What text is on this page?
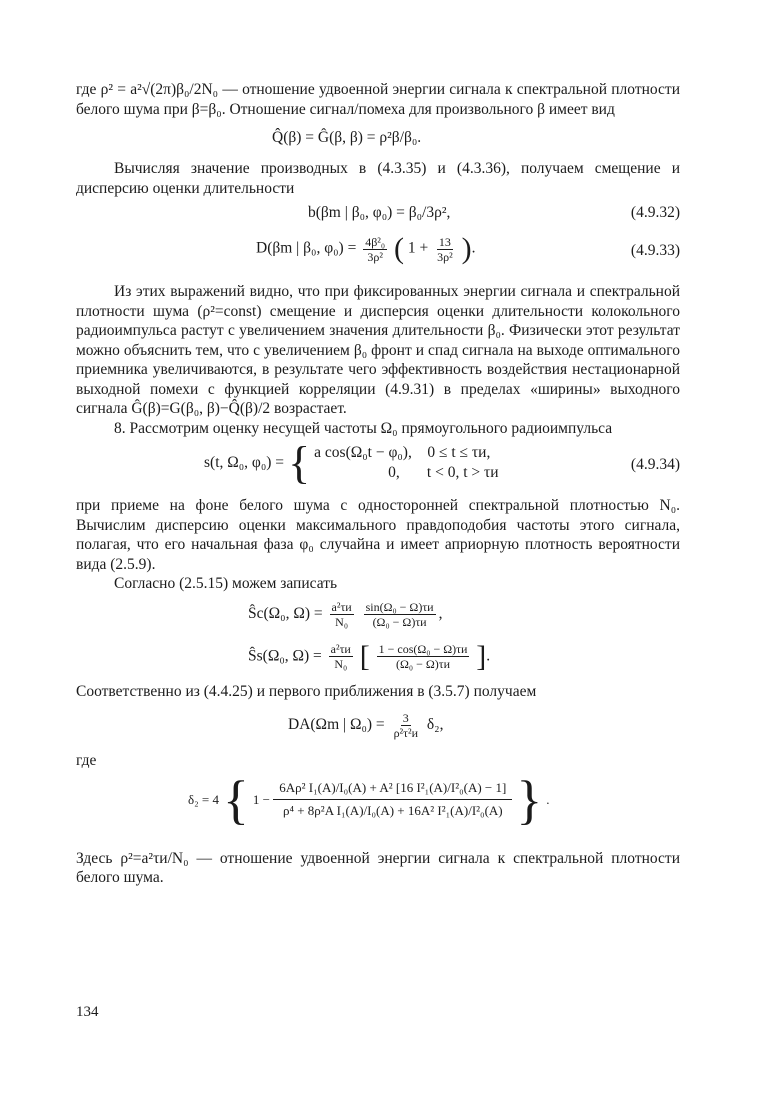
где ρ² = a²√(2π)β₀/2N₀ — отношение удвоенной энергии сигнала к спектральной плотности белого шума при β=β₀. Отношение сигнал/помеха для произвольного β имеет вид

Q̂(β) = Ĝ(β, β) = ρ²β/β₀.

Вычисляя значение производных в (4.3.35) и (4.3.36), получаем смещение и дисперсию оценки длительности

b(βm | β₀, φ₀) = β₀/3ρ²,	(4.9.32)
D(βm | β₀, $\varphi_0) = \frac{\text{4β²₀}}{\text{3ρ²}}$ ( $1 + \frac{13}{\text{3ρ²}}$ ).	(4.9.33)

Из этих выражений видно, что при фиксированных энергии сигнала и спектральной плотности шума (ρ²=const) смещение и дисперсия оценки длительности колокольного радиоимпульса растут с увеличением значения длительности β₀. Физически этот результат можно объяснить тем, что с увеличением β₀ фронт и спад сигнала на выходе оптимального приемника увеличиваются, в результате чего эффективность воздействия нестационарной выходной помехи с функцией корреляции (4.9.31) в пределах «ширины» выходного сигнала Ĝ(β)=G(β₀, β)−Q̂(β)/2 возрастает.

8. Рассмотрим оценку несущей частоты Ω₀ прямоугольного радиоимпульса

s(t, Ω₀, φ₀) = { a cos(Ω₀t − φ₀), 0 ≤ t ≤ τи,
0, t < 0, t > τи	(4.9.34)

при приеме на фоне белого шума с односторонней спектральной плотностью N₀. Вычислим дисперсию оценки максимального правдоподобия частоты этого сигнала, полагая, что его начальная фаза φ₀ случайна и имеет априорную плотность вероятности вида (2.5.9).

Согласно (2.5.15) можем записать

Ŝc(Ω₀, $\Omega) = \frac{\text{a²τи}}{\text{N₀}}$
$\frac{\text{sin(Ω₀ − Ω)τи}}{\text{(Ω₀ − Ω)τи}}$ ,
Ŝs(Ω₀, $\Omega) = \frac{\text{a²τи}}{\text{N₀}}$ [ $\frac{\text{1 − cos(Ω₀ − Ω)τи}}{\text{(Ω₀ − Ω)τи}}$ ].

Соответственно из (4.4.25) и первого приближения в (3.5.7) получаем

DA(Ωm | $\Omega_0) = \frac{3}{\text{ρ²τ²и}} \delta_2$,

где

δ₂ = 4 { $1 - \frac{\text{6Aρ² I₁(A)/I₀(A) + A² [16 I²₁(A)/I²₀(A) − 1]}}{\text{ρ⁴ + 8ρ²A I₁(A)/I₀(A) + 16A² I²₁(A)/I²₀(A)}}$ } .

Здесь ρ²=a²τи/N₀ — отношение удвоенной энергии сигнала к спектральной плотности белого шума.

134
